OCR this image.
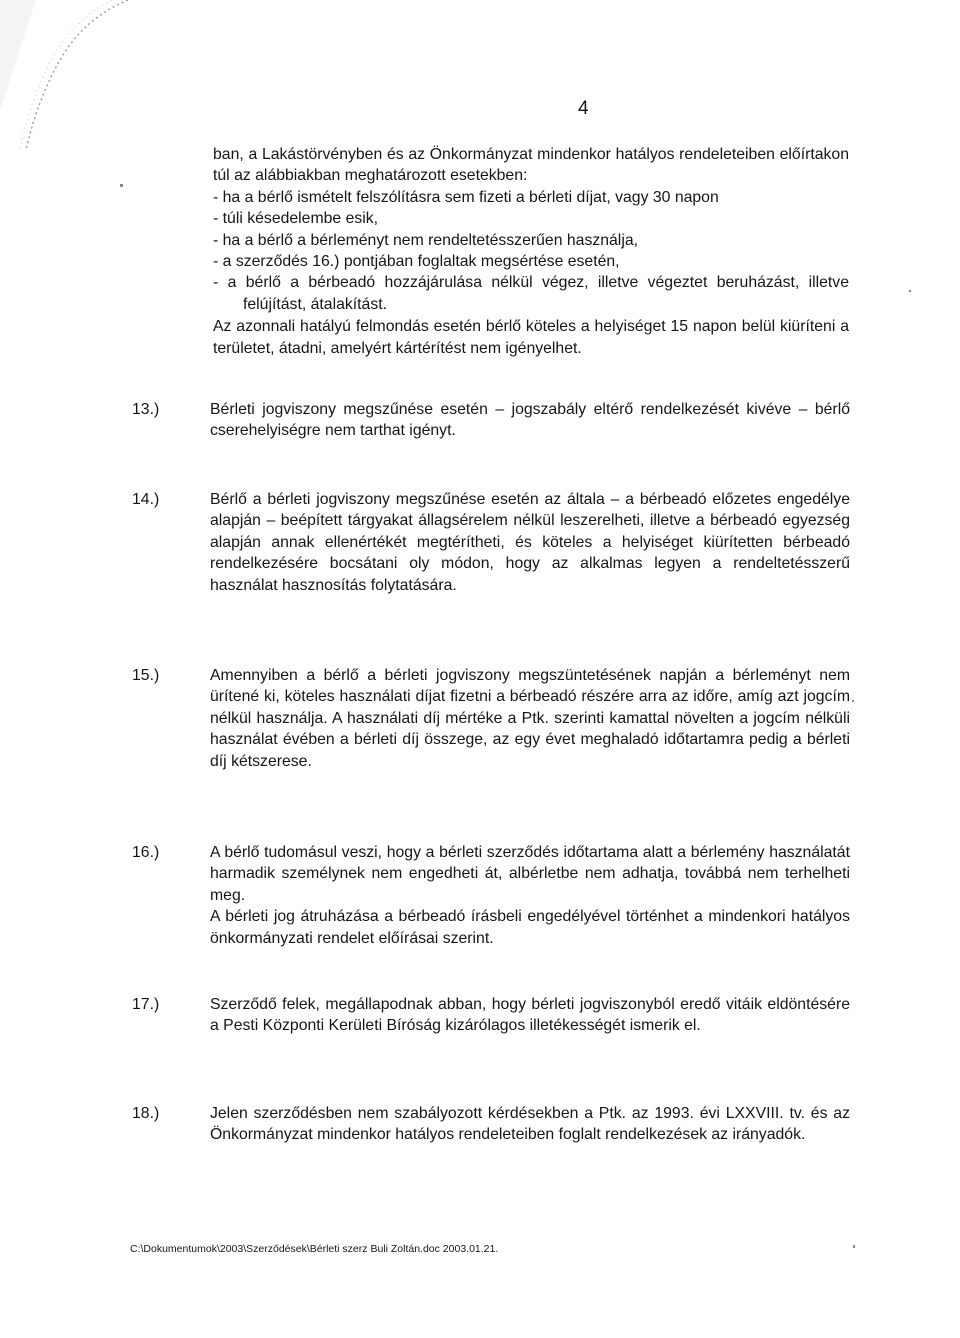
4

ban, a Lakástörvényben és az Önkormányzat mindenkor hatályos rendeleteiben előírtakon túl az alábbiakban meghatározott esetekben:

- ha a bérlő ismételt felszólításra sem fizeti a bérleti díjat, vagy 30 napon

- túli késedelembe esik,

- ha a bérlő a bérleményt nem rendeltetésszerűen használja,

- a szerződés 16.) pontjában foglaltak megsértése esetén,

- a bérlő a bérbeadó hozzájárulása nélkül végez, illetve végeztet beruházást, illetve felújítást, átalakítást.

Az azonnali hatályú felmondás esetén bérlő köteles a helyiséget 15 napon belül kiüríteni a területet, átadni, amelyért kártérítést nem igényelhet.

13.)	Bérleti jogviszony megszűnése esetén – jogszabály eltérő rendelkezését kivéve – bérlő cserehelyiségre nem tarthat igényt.

14.)	Bérlő a bérleti jogviszony megszűnése esetén az általa – a bérbeadó előzetes engedélye alapján – beépített tárgyakat állagsérelem nélkül leszerelheti, illetve a bérbeadó egyezség alapján annak ellenértékét megtérítheti, és köteles a helyiséget kiürítetten bérbeadó rendelkezésére bocsátani oly módon, hogy az alkalmas legyen a rendeltetésszerű használat hasznosítás folytatására.

15.)	Amennyiben a bérlő a bérleti jogviszony megszüntetésének napján a bérleményt nem ürítené ki, köteles használati díjat fizetni a bérbeadó részére arra az időre, amíg azt jogcím nélkül használja. A használati díj mértéke a Ptk. szerinti kamattal növelten a jogcím nélküli használat évében a bérleti díj összege, az egy évet meghaladó időtartamra pedig a bérleti díj kétszerese.

16.)	A bérlő tudomásul veszi, hogy a bérleti szerződés időtartama alatt a bérlemény használatát harmadik személynek nem engedheti át, albérletbe nem adhatja, továbbá nem terhelheti meg.

A bérleti jog átruházása a bérbeadó írásbeli engedélyével történhet a mindenkori hatályos önkormányzati rendelet előírásai szerint.

17.)	Szerződő felek, megállapodnak abban, hogy bérleti jogviszonyból eredő vitáik eldöntésére a Pesti Központi Kerületi Bíróság kizárólagos illetékességét ismerik el.

18.)	Jelen szerződésben nem szabályozott kérdésekben a Ptk. az 1993. évi LXXVIII. tv. és az Önkormányzat mindenkor hatályos rendeleteiben foglalt rendelkezések az irányadók.

C:\Dokumentumok\2003\Szerződések\Bérleti szerz Buli Zoltán.doc 2003.01.21.
